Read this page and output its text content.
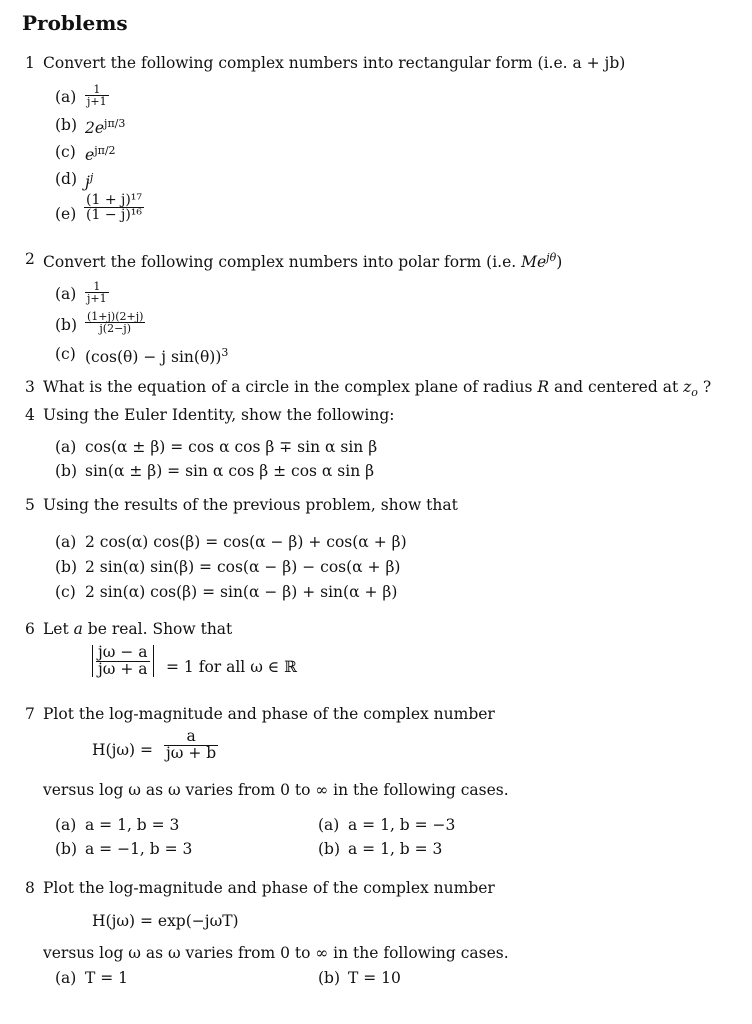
Problems
1 Convert the following complex numbers into rectangular form (i.e. a + jb)
$(a) \frac{1}{j+1}$
(b) $2e^{j\pi/3}$
(c) $e^{j\pi/2}$
(d) $j^j$
$(e) \frac{\text{(1 + j)¹⁷}}{\text{(1 − j)¹⁶}}$
2 Convert the following complex numbers into polar form (i.e. $Me^{j\theta}$)
$(a) \frac{1}{j+1}$
$(b) \frac{(1+j)(2+j)}{j(2-j)}$
(c) (cos(θ) − j sin(θ))$^3$
3 What is the equation of a circle in the complex plane of radius R and centered at $z_o$ ?
4 Using the Euler Identity, show the following:
(a) cos(α ± β) = cos α cos β ∓ sin α sin β
(b) sin(α ± β) = sin α cos β ± cos α sin β
5 Using the results of the previous problem, show that
(a) 2 cos(α) cos(β) = cos(α − β) + cos(α + β)
(b) 2 sin(α) sin(β) = cos(α − β) − cos(α + β)
(c) 2 sin(α) cos(β) = sin(α − β) + sin(α + β)
6 Let a be real. Show that
$\frac{j\omega - a}{j\omega + a} = 1$ for all ω ∈ ℝ
7 Plot the log-magnitude and phase of the complex number
$H(j\omega) = \frac{a}{j\omega + b}$
versus log ω as ω varies from 0 to ∞ in the following cases.
(a) a = 1, b = 3
(b) a = −1, b = 3
(a) a = 1, b = −3
(b) a = 1, b = 3
8 Plot the log-magnitude and phase of the complex number
H(jω) = exp(−jωT)
versus log ω as ω varies from 0 to ∞ in the following cases.
(a) T = 1	(b) T = 10
